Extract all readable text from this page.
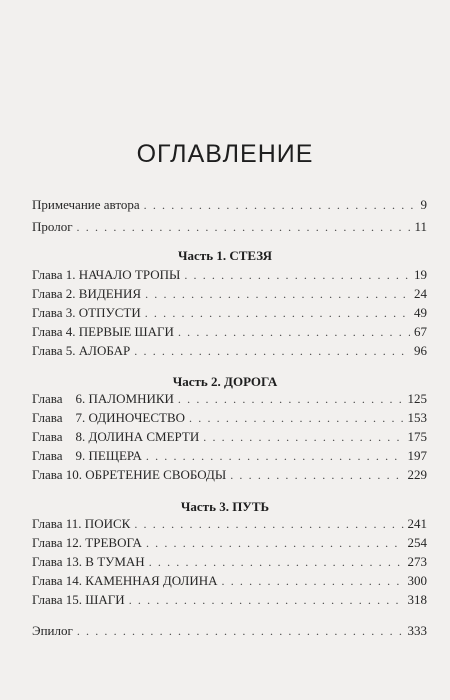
ОГЛАВЛЕНИЕ
Примечание автора . . .	9
Пролог . . .	11
Часть 1. СТЕЗЯ
Глава 1. НАЧАЛО ТРОПЫ . . .	19
Глава 2. ВИДЕНИЯ . . .	24
Глава 3. ОТПУСТИ . . .	49
Глава 4. ПЕРВЫЕ ШАГИ . . .	67
Глава 5. АЛОБАР . . .	96
Часть 2. ДОРОГА
Глава    6. ПАЛОМНИКИ . . .	125
Глава    7. ОДИНОЧЕСТВО . . .	153
Глава    8. ДОЛИНА СМЕРТИ . . .	175
Глава    9. ПЕЩЕРА . . .	197
Глава 10. ОБРЕТЕНИЕ СВОБОДЫ . . .	229
Часть 3. ПУТЬ
Глава 11. ПОИСК . . .	241
Глава 12. ТРЕВОГА . . .	254
Глава 13. В ТУМАН . . .	273
Глава 14. КАМЕННАЯ ДОЛИНА . . .	300
Глава 15. ШАГИ . . .	318
Эпилог . . .	333
